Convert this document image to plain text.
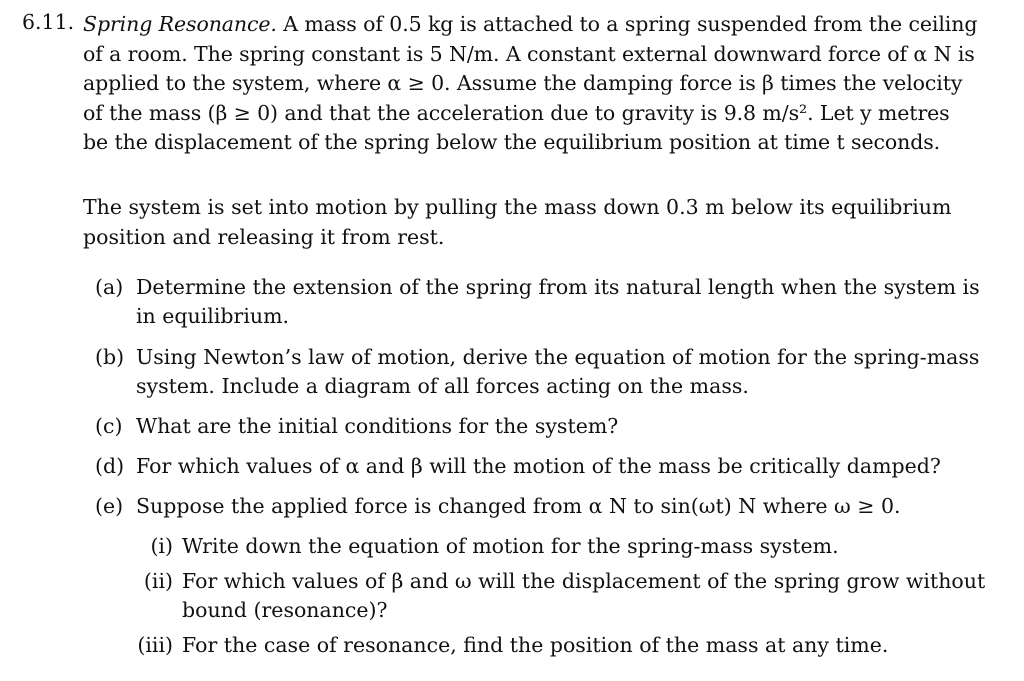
6.11. Spring Resonance. A mass of 0.5 kg is attached to a spring suspended from the ceiling
of a room. The spring constant is 5 N/m. A constant external downward force of α N is
applied to the system, where α ≥ 0. Assume the damping force is β times the velocity
of the mass (β ≥ 0) and that the acceleration due to gravity is 9.8 m/s². Let y metres
be the displacement of the spring below the equilibrium position at time t seconds.
The system is set into motion by pulling the mass down 0.3 m below its equilibrium
position and releasing it from rest.
(a) Determine the extension of the spring from its natural length when the system is
in equilibrium.
(b) Using Newton’s law of motion, derive the equation of motion for the spring-mass
system. Include a diagram of all forces acting on the mass.
(c) What are the initial conditions for the system?
(d) For which values of α and β will the motion of the mass be critically damped?
(e) Suppose the applied force is changed from α N to sin(ωt) N where ω ≥ 0.
(i) Write down the equation of motion for the spring-mass system.
(ii) For which values of β and ω will the displacement of the spring grow without
bound (resonance)?
(iii) For the case of resonance, find the position of the mass at any time.
